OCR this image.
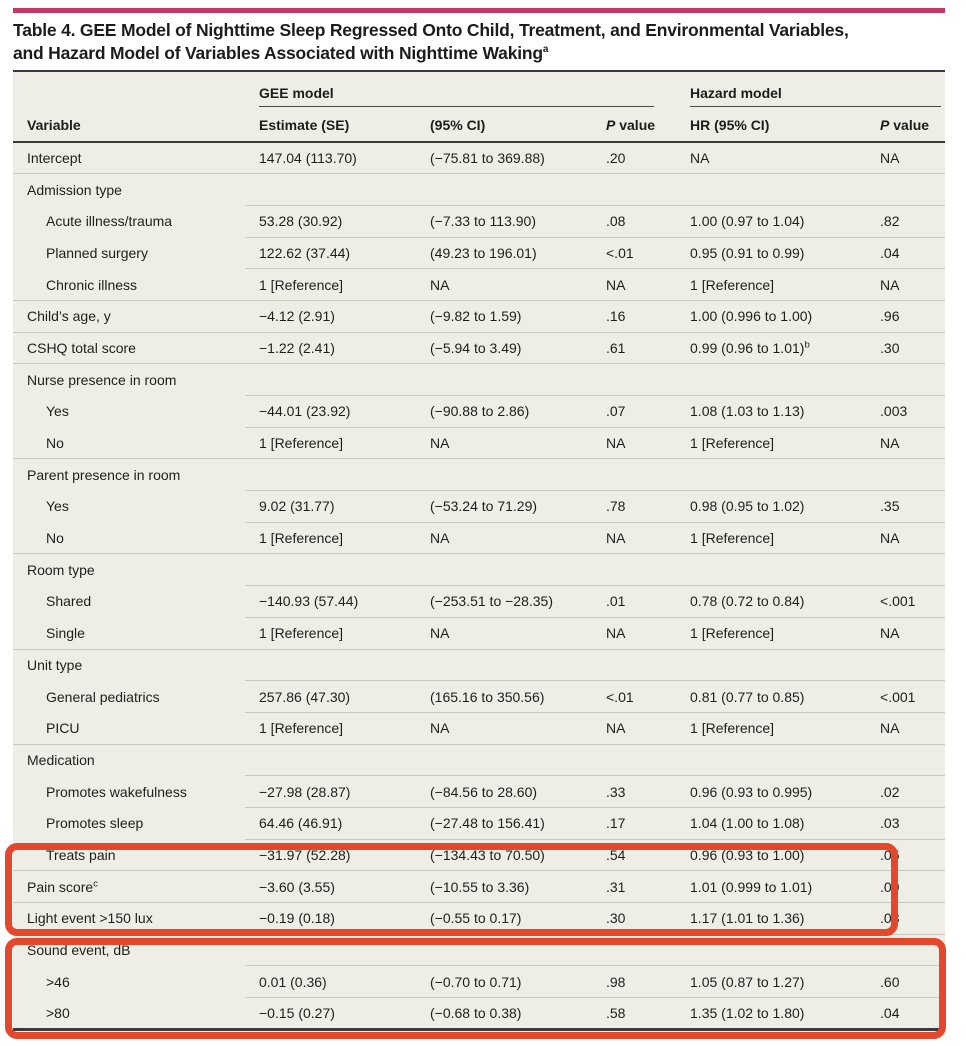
Table 4. GEE Model of Nighttime Sleep Regressed Onto Child, Treatment, and Environmental Variables,
and Hazard Model of Variables Associated with Nighttime Waking$^a$

	GEE model			Hazard model	

Variable	Estimate (SE)	(95% CI)	P value	HR (95% CI)	P value
Intercept	147.04 (113.70)	(−75.81 to 369.88)	.20	NA	NA
Admission type					
Acute illness/trauma	53.28 (30.92)	(−7.33 to 113.90)	.08	1.00 (0.97 to 1.04)	.82
Planned surgery	122.62 (37.44)	(49.23 to 196.01)	<.01	0.95 (0.91 to 0.99)	.04
Chronic illness	1 [Reference]	NA	NA	1 [Reference]	NA
Child’s age, y	−4.12 (2.91)	(−9.82 to 1.59)	.16	1.00 (0.996 to 1.00)	.96
CSHQ total score	−1.22 (2.41)	(−5.94 to 3.49)	.61	0.99 (0.96 to 1.01)$^b$	.30
Nurse presence in room					
Yes	−44.01 (23.92)	(−90.88 to 2.86)	.07	1.08 (1.03 to 1.13)	.003
No	1 [Reference]	NA	NA	1 [Reference]	NA
Parent presence in room					
Yes	9.02 (31.77)	(−53.24 to 71.29)	.78	0.98 (0.95 to 1.02)	.35
No	1 [Reference]	NA	NA	1 [Reference]	NA
Room type					
Shared	−140.93 (57.44)	(−253.51 to −28.35)	.01	0.78 (0.72 to 0.84)	<.001
Single	1 [Reference]	NA	NA	1 [Reference]	NA
Unit type					
General pediatrics	257.86 (47.30)	(165.16 to 350.56)	<.01	0.81 (0.77 to 0.85)	<.001
PICU	1 [Reference]	NA	NA	1 [Reference]	NA
Medication					
Promotes wakefulness	−27.98 (28.87)	(−84.56 to 28.60)	.33	0.96 (0.93 to 0.995)	.02
Promotes sleep	64.46 (46.91)	(−27.48 to 156.41)	.17	1.04 (1.00 to 1.08)	.03
Treats pain	−31.97 (52.28)	(−134.43 to 70.50)	.54	0.96 (0.93 to 1.00)	.05
Pain score$^c$	−3.60 (3.55)	(−10.55 to 3.36)	.31	1.01 (0.999 to 1.01)	.09
Light event >150 lux	−0.19 (0.18)	(−0.55 to 0.17)	.30	1.17 (1.01 to 1.36)	.03
Sound event, dB					
>46	0.01 (0.36)	(−0.70 to 0.71)	.98	1.05 (0.87 to 1.27)	.60
>80	−0.15 (0.27)	(−0.68 to 0.38)	.58	1.35 (1.02 to 1.80)	.04
